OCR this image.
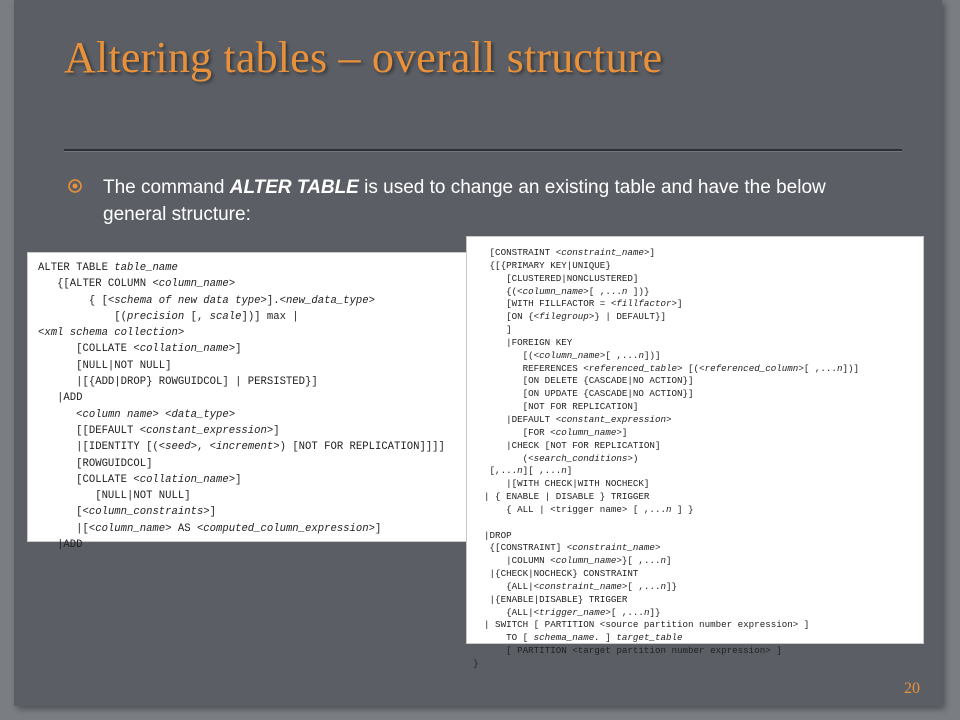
Altering tables – overall structure
The command ALTER TABLE is used to change an existing table and have the below general structure:
20
ALTER TABLE table_name
{[ALTER COLUMN <column_name>
{ [<schema of new data type>].<new_data_type>
[(precision [, scale])] max |
<xml schema collection>
[COLLATE <collation_name>]
[NULL|NOT NULL]
|[{ADD|DROP} ROWGUIDCOL] | PERSISTED}]
|ADD
<column name> <data_type>
[[DEFAULT <constant_expression>]
|[IDENTITY [(<seed>, <increment>) [NOT FOR REPLICATION]]]]
[ROWGUIDCOL]
[COLLATE <collation_name>]
[NULL|NOT NULL]
[<column_constraints>]
|[<column_name> AS <computed_column_expression>]
|ADD
[CONSTRAINT <constraint_name>]
{[{PRIMARY KEY|UNIQUE}
[CLUSTERED|NONCLUSTERED]
{(<column_name>[ ,...n ])}
[WITH FILLFACTOR = <fillfactor>]
[ON {<filegroup>} | DEFAULT}]
]
|FOREIGN KEY
[(<column_name>[ ,...n])]
REFERENCES <referenced_table> [(<referenced_column>[ ,...n])]
[ON DELETE {CASCADE|NO ACTION}]
[ON UPDATE {CASCADE|NO ACTION}]
[NOT FOR REPLICATION]
|DEFAULT <constant_expression>
[FOR <column_name>]
|CHECK [NOT FOR REPLICATION]
(<search_conditions>)
[,...n][ ,...n]
|[WITH CHECK|WITH NOCHECK]
| { ENABLE | DISABLE } TRIGGER
{ ALL | <trigger name> [ ,...n ] }

|DROP
{[CONSTRAINT] <constraint_name>
|COLUMN <column_name>}[ ,...n]
|{CHECK|NOCHECK} CONSTRAINT
{ALL|<constraint_name>[ ,...n]}
|{ENABLE|DISABLE} TRIGGER
{ALL|<trigger_name>[ ,...n]}
| SWITCH [ PARTITION <source partition number expression> ]
TO [ schema_name. ] target_table
[ PARTITION <target partition number expression> ]
}
